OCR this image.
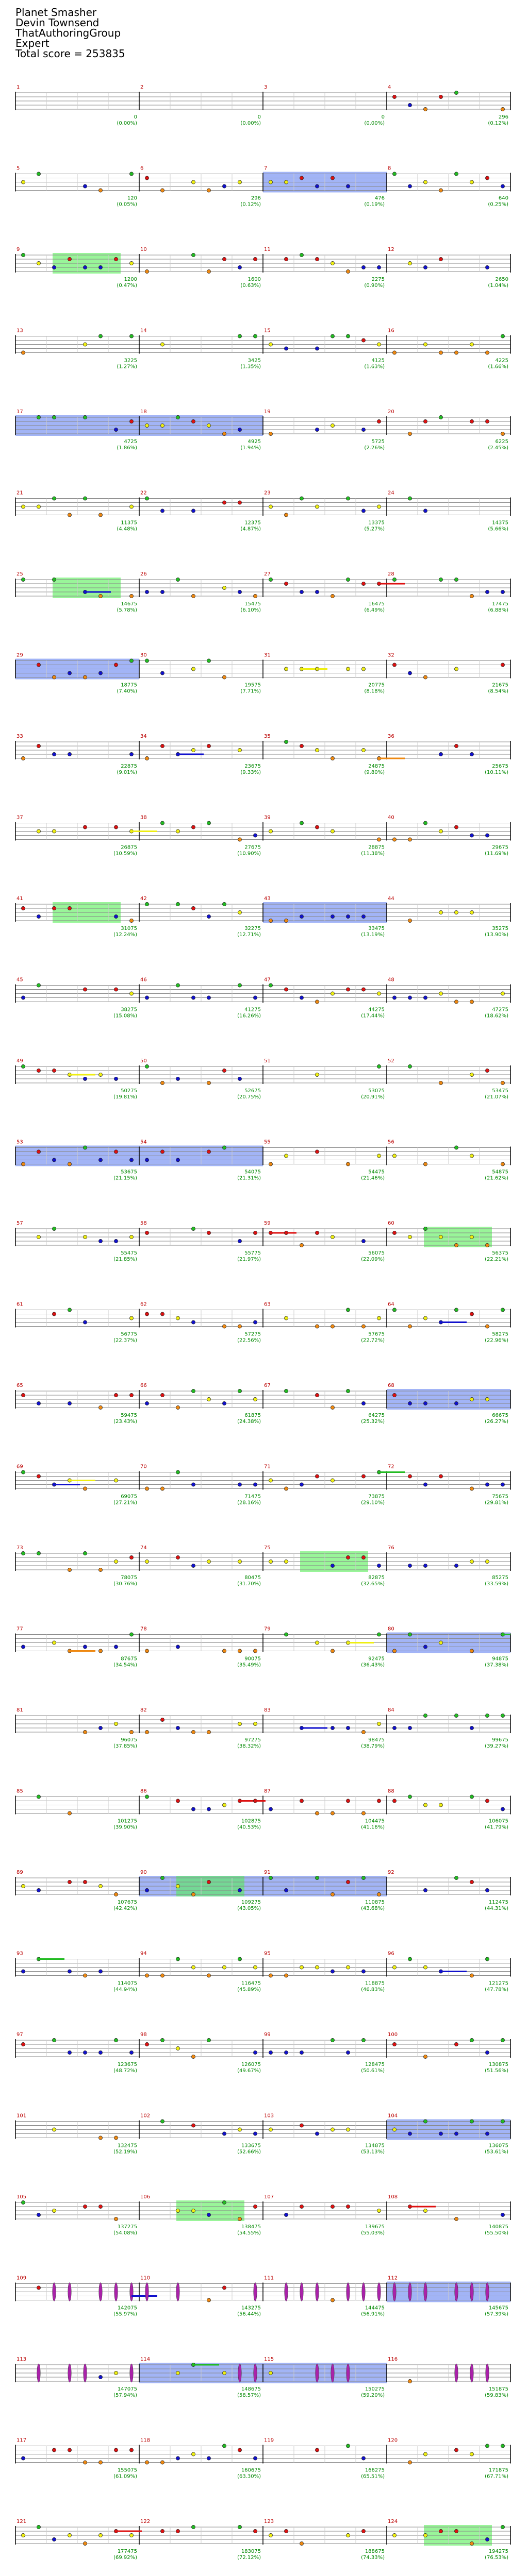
Planet Smasher
Devin Townsend
ThatAuthoringGroup
Expert
Total score = 253835
1
0
(0.00%)
2
0
(0.00%)
3
0
(0.00%)
4
296
(0.12%)
5
120
(0.05%)
6
296
(0.12%)
7
476
(0.19%)
8
640
(0.25%)
9
1200
(0.47%)
10
1600
(0.63%)
11
2275
(0.90%)
12
2650
(1.04%)
13
3225
(1.27%)
14
3425
(1.35%)
15
4125
(1.63%)
16
4225
(1.66%)
17
4725
(1.86%)
18
4925
(1.94%)
19
5725
(2.26%)
20
6225
(2.45%)
21
11375
(4.48%)
22
12375
(4.87%)
23
13375
(5.27%)
24
14375
(5.66%)
25
14675
(5.78%)
26
15475
(6.10%)
27
16475
(6.49%)
28
17475
(6.88%)
29
18775
(7.40%)
30
19575
(7.71%)
31
20775
(8.18%)
32
21675
(8.54%)
33
22875
(9.01%)
34
23675
(9.33%)
35
24875
(9.80%)
36
25675
(10.11%)
37
26875
(10.59%)
38
27675
(10.90%)
39
28875
(11.38%)
40
29675
(11.69%)
41
31075
(12.24%)
42
32275
(12.71%)
43
33475
(13.19%)
44
35275
(13.90%)
45
38275
(15.08%)
46
41275
(16.26%)
47
44275
(17.44%)
48
47275
(18.62%)
49
50275
(19.81%)
50
52675
(20.75%)
51
53075
(20.91%)
52
53475
(21.07%)
53
53675
(21.15%)
54
54075
(21.31%)
55
54475
(21.46%)
56
54875
(21.62%)
57
55475
(21.85%)
58
55775
(21.97%)
59
56075
(22.09%)
60
56375
(22.21%)
61
56775
(22.37%)
62
57275
(22.56%)
63
57675
(22.72%)
64
58275
(22.96%)
65
59475
(23.43%)
66
61875
(24.38%)
67
64275
(25.32%)
68
66675
(26.27%)
69
69075
(27.21%)
70
71475
(28.16%)
71
73875
(29.10%)
72
75675
(29.81%)
73
78075
(30.76%)
74
80475
(31.70%)
75
82875
(32.65%)
76
85275
(33.59%)
77
87675
(34.54%)
78
90075
(35.49%)
79
92475
(36.43%)
80
94875
(37.38%)
81
96075
(37.85%)
82
97275
(38.32%)
83
98475
(38.79%)
84
99675
(39.27%)
85
101275
(39.90%)
86
102875
(40.53%)
87
104475
(41.16%)
88
106075
(41.79%)
89
107675
(42.42%)
90
109275
(43.05%)
91
110875
(43.68%)
92
112475
(44.31%)
93
114075
(44.94%)
94
116475
(45.89%)
95
118875
(46.83%)
96
121275
(47.78%)
97
123675
(48.72%)
98
126075
(49.67%)
99
128475
(50.61%)
100
130875
(51.56%)
101
132475
(52.19%)
102
133675
(52.66%)
103
134875
(53.13%)
104
136075
(53.61%)
105
137275
(54.08%)
106
138475
(54.55%)
107
139675
(55.03%)
108
140875
(55.50%)
109
142075
(55.97%)
110
143275
(56.44%)
111
144475
(56.91%)
112
145675
(57.39%)
113
147075
(57.94%)
114
148675
(58.57%)
115
150275
(59.20%)
116
151875
(59.83%)
117
155075
(61.09%)
118
160675
(63.30%)
119
166275
(65.51%)
120
171875
(67.71%)
121
177475
(69.92%)
122
183075
(72.12%)
123
188675
(74.33%)
124
194275
(76.53%)
